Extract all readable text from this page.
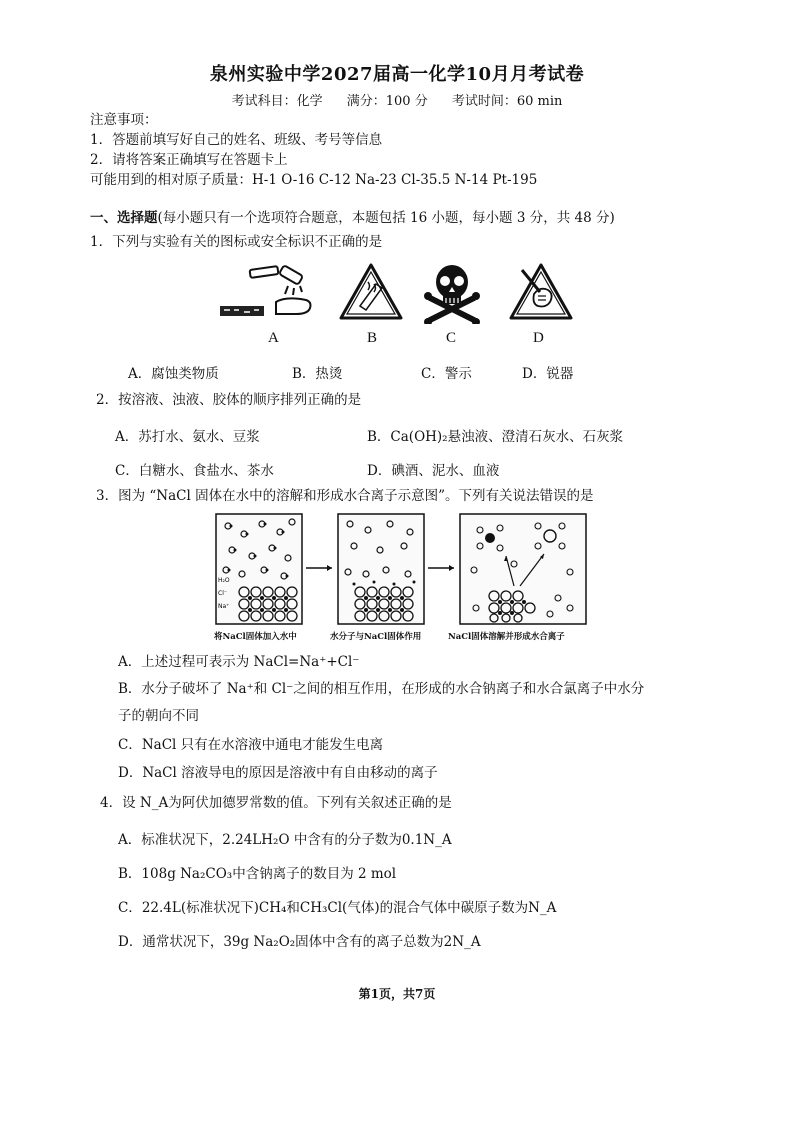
泉州实验中学2027届高一化学10月月考试卷
考试科目：化学 满分：100 分 考试时间：60 min
注意事项：
1．答题前填写好自己的姓名、班级、考号等信息
2．请将答案正确填写在答题卡上
可能用到的相对原子质量：H-1 O-16 C-12 Na-23 Cl-35.5 N-14 Pt-195
一、选择题(每小题只有一个选项符合题意，本题包括 16 小题，每小题 3 分，共 48 分)
1．下列与实验有关的图标或安全标识不正确的是
A	B	C	D
A．腐蚀类物质	B．热烫	C．警示	D．锐器
2．按溶液、浊液、胶体的顺序排列正确的是
A．苏打水、氨水、豆浆	B．Ca(OH)₂悬浊液、澄清石灰水、石灰浆
C．白糖水、食盐水、茶水	D．碘酒、泥水、血液
3．图为 “NaCl 固体在水中的溶解和形成水合离子示意图”。下列有关说法错误的是
H₂O
Cl⁻
Na⁺
将NaCl固体加入水中	水分子与NaCl固体作用	NaCl固体溶解并形成水合离子
A．上述过程可表示为 NaCl=Na⁺+Cl⁻
B．水分子破坏了 Na⁺和 Cl⁻之间的相互作用，在形成的水合钠离子和水合氯离子中水分
子的朝向不同
C．NaCl 只有在水溶液中通电才能发生电离
D．NaCl 溶液导电的原因是溶液中有自由移动的离子
4．设 N_A为阿伏加德罗常数的值。下列有关叙述正确的是
A．标准状况下，2.24LH₂O 中含有的分子数为0.1N_A
B．108g Na₂CO₃中含钠离子的数目为 2 mol
C．22.4L(标准状况下)CH₄和CH₃Cl(气体)的混合气体中碳原子数为N_A
D．通常状况下，39g Na₂O₂固体中含有的离子总数为2N_A
第1页，共7页
